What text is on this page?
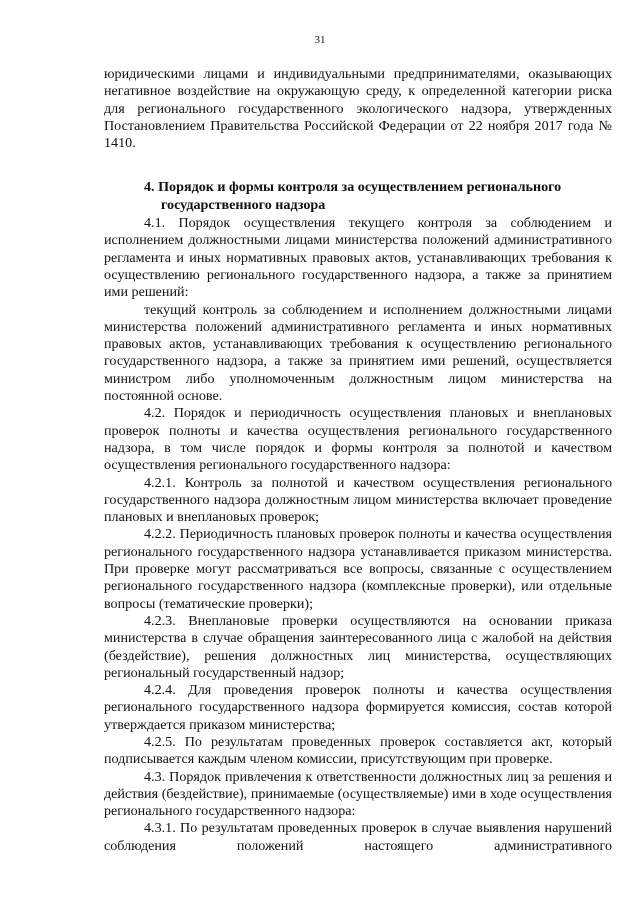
31

юридическими лицами и индивидуальными предпринимателями, оказывающих негативное воздействие на окружающую среду, к определенной категории риска для регионального государственного экологического надзора, утвержденных Постановлением Правительства Российской Федерации от 22 ноября 2017 года № 1410.

4. Порядок и формы контроля за осуществлением регионального
государственного надзора

4.1. Порядок осуществления текущего контроля за соблюдением и исполнением должностными лицами министерства положений административного регламента и иных нормативных правовых актов, устанавливающих требования к осуществлению регионального государственного надзора, а также за принятием ими решений:

текущий контроль за соблюдением и исполнением должностными лицами министерства положений административного регламента и иных нормативных правовых актов, устанавливающих требования к осуществлению регионального государственного надзора, а также за принятием ими решений, осуществляется министром либо уполномоченным должностным лицом министерства на постоянной основе.

4.2. Порядок и периодичность осуществления плановых и внеплановых проверок полноты и качества осуществления регионального государственного надзора, в том числе порядок и формы контроля за полнотой и качеством осуществления регионального государственного надзора:

4.2.1. Контроль за полнотой и качеством осуществления регионального государственного надзора должностным лицом министерства включает проведение плановых и внеплановых проверок;

4.2.2. Периодичность плановых проверок полноты и качества осуществления регионального государственного надзора устанавливается приказом министерства. При проверке могут рассматриваться все вопросы, связанные с осуществлением регионального государственного надзора (комплексные проверки), или отдельные вопросы (тематические проверки);

4.2.3. Внеплановые проверки осуществляются на основании приказа министерства в случае обращения заинтересованного лица с жалобой на действия (бездействие), решения должностных лиц министерства, осуществляющих региональный государственный надзор;

4.2.4. Для проведения проверок полноты и качества осуществления регионального государственного надзора формируется комиссия, состав которой утверждается приказом министерства;

4.2.5. По результатам проведенных проверок составляется акт, который подписывается каждым членом комиссии, присутствующим при проверке.

4.3. Порядок привлечения к ответственности должностных лиц за решения и действия (бездействие), принимаемые (осуществляемые) ими в ходе осуществления регионального государственного надзора:

4.3.1. По результатам проведенных проверок в случае выявления нарушений соблюдения положений настоящего административного
